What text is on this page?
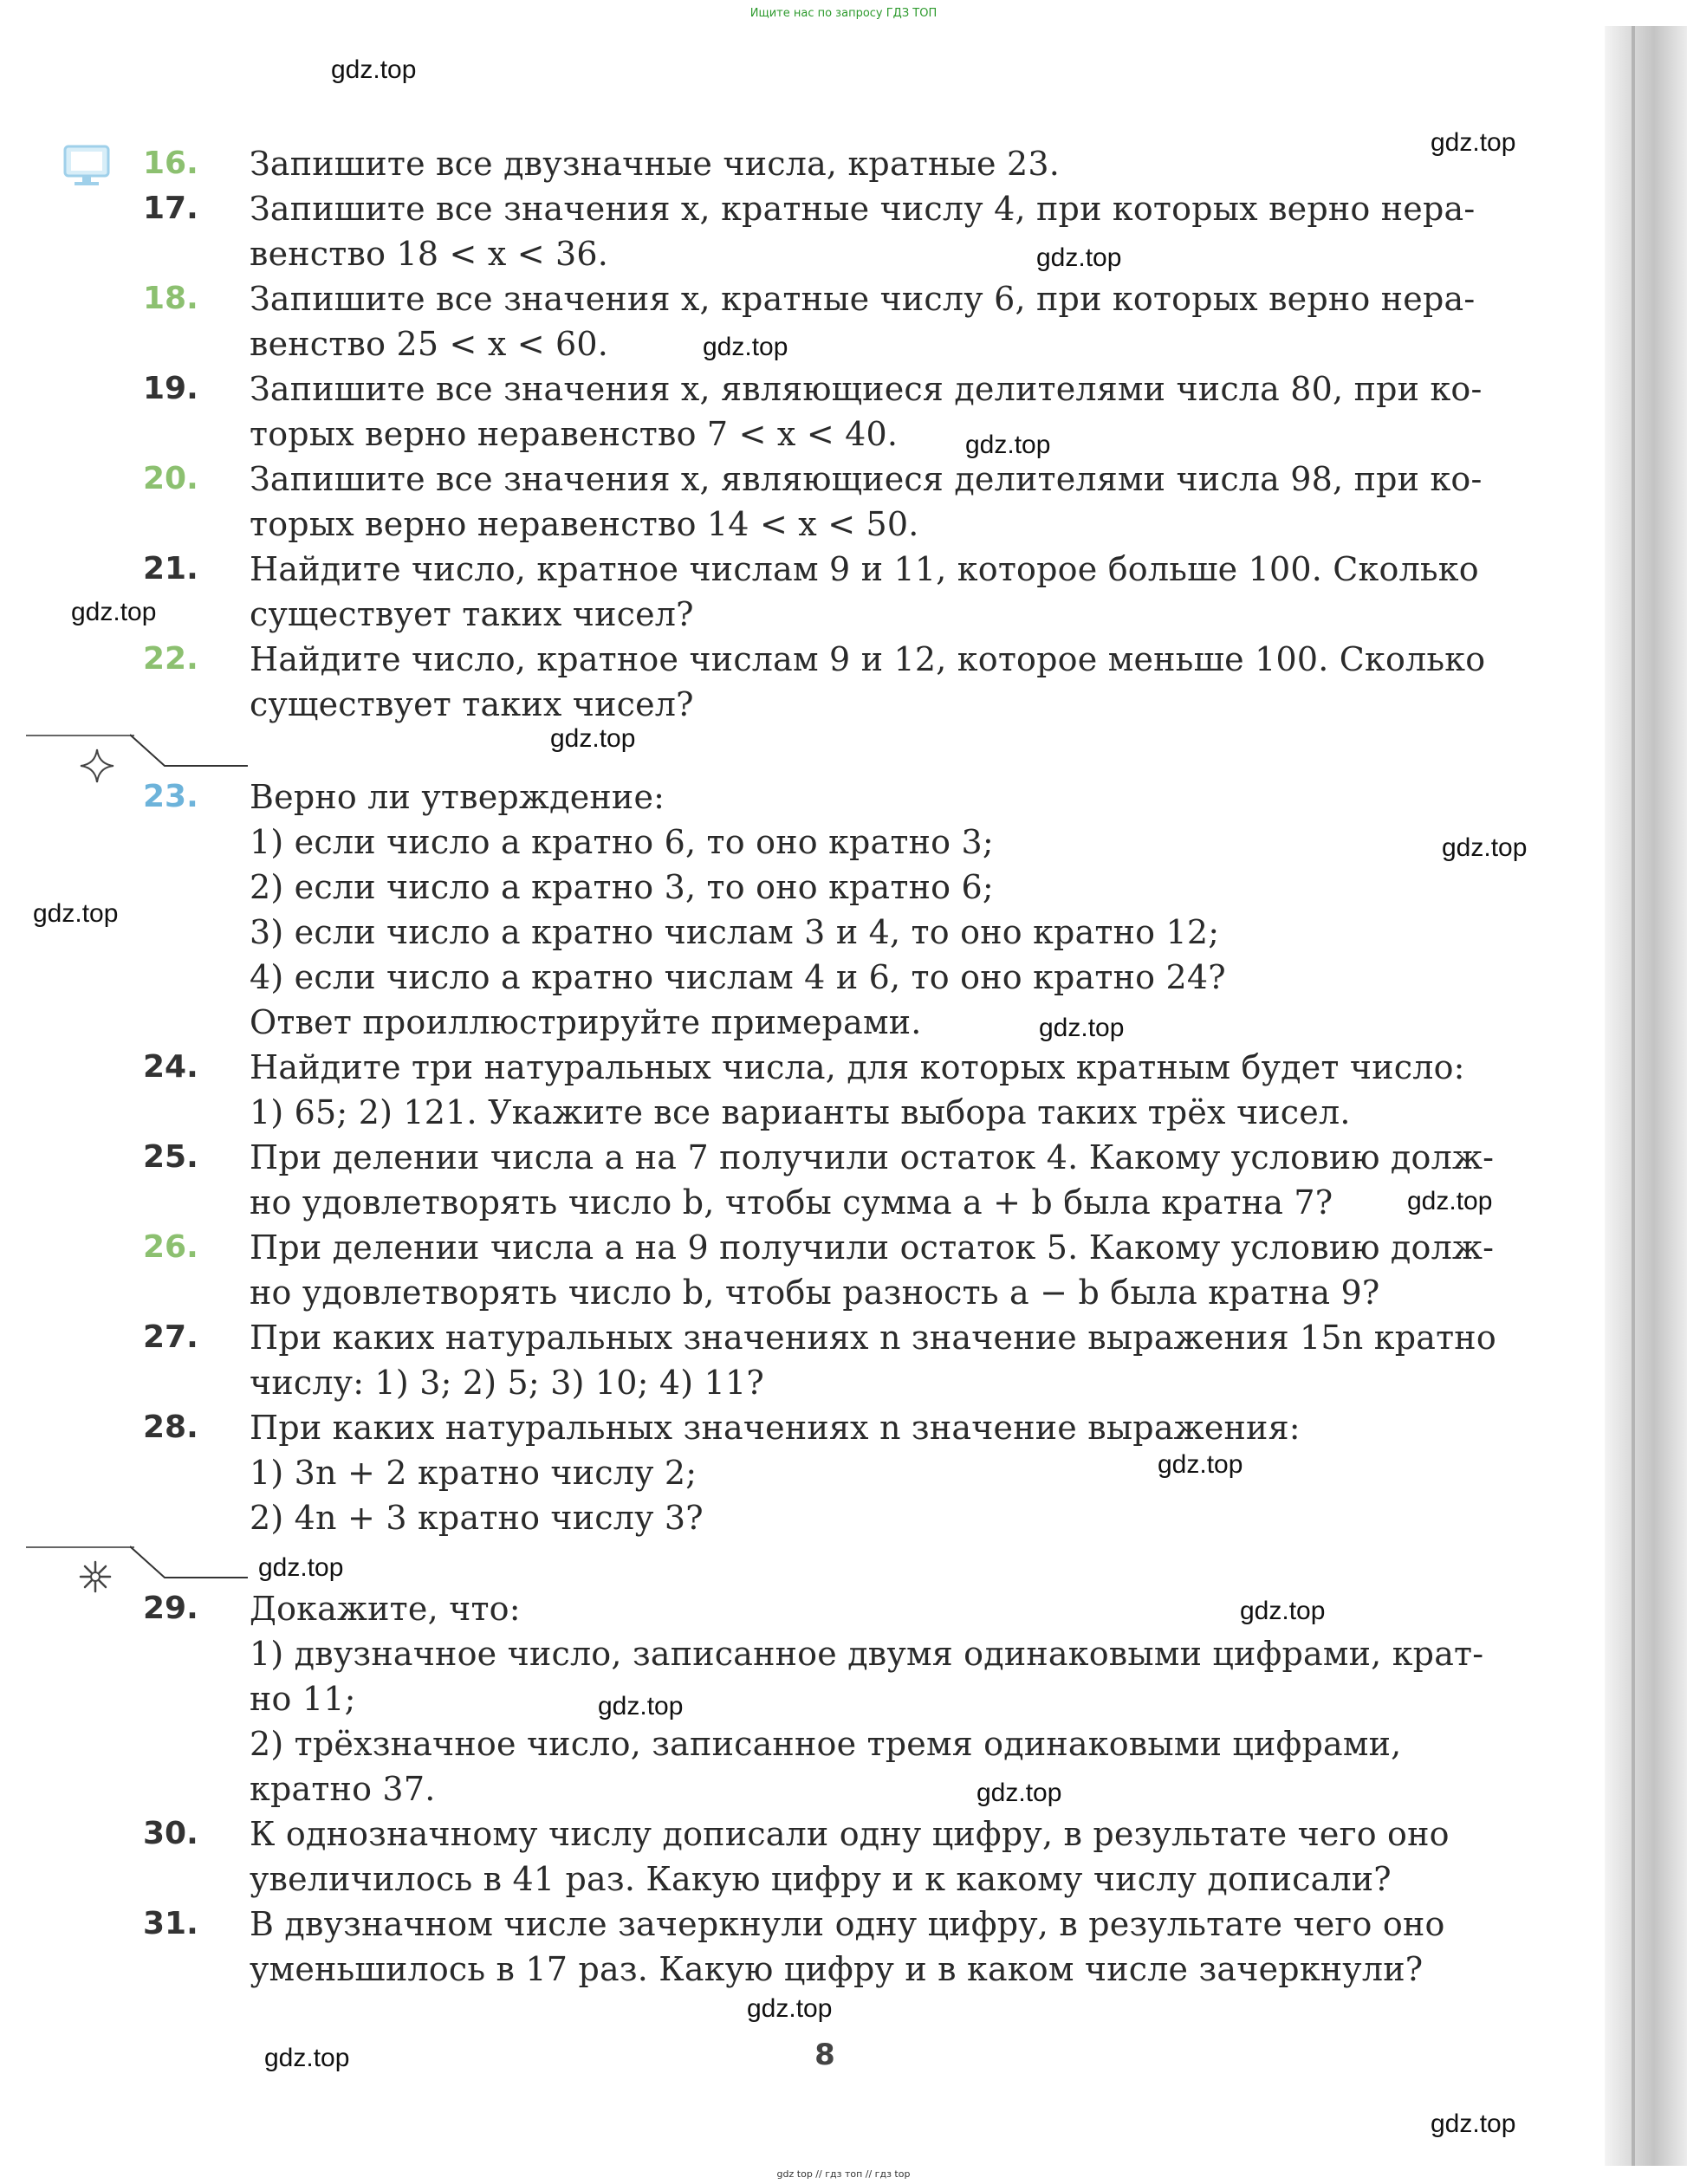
Ищите нас по запросу ГДЗ ТОП
16.	Запишите все двузначные числа, кратные 23.
17.	Запишите все значения x, кратные числу 4, при которых верно нера-
венство 18 < x < 36.
18.	Запишите все значения x, кратные числу 6, при которых верно нера-
венство 25 < x < 60.
19.	Запишите все значения x, являющиеся делителями числа 80, при ко-
торых верно неравенство 7 < x < 40.
20.	Запишите все значения x, являющиеся делителями числа 98, при ко-
торых верно неравенство 14 < x < 50.
21.	Найдите число, кратное числам 9 и 11, которое больше 100. Сколько
существует таких чисел?
22.	Найдите число, кратное числам 9 и 12, которое меньше 100. Сколько
существует таких чисел?
23.	Верно ли утверждение:
1) если число a кратно 6, то оно кратно 3;
2) если число a кратно 3, то оно кратно 6;
3) если число a кратно числам 3 и 4, то оно кратно 12;
4) если число a кратно числам 4 и 6, то оно кратно 24?
Ответ проиллюстрируйте примерами.
24.	Найдите три натуральных числа, для которых кратным будет число:
1) 65; 2) 121. Укажите все варианты выбора таких трёх чисел.
25.	При делении числа a на 7 получили остаток 4. Какому условию долж-
но удовлетворять число b, чтобы сумма a + b была кратна 7?
26.	При делении числа a на 9 получили остаток 5. Какому условию долж-
но удовлетворять число b, чтобы разность a − b была кратна 9?
27.	При каких натуральных значениях n значение выражения 15n кратно
числу: 1) 3; 2) 5; 3) 10; 4) 11?
28.	При каких натуральных значениях n значение выражения:
1) 3n + 2 кратно числу 2;
2) 4n + 3 кратно числу 3?
29.	Докажите, что:
1) двузначное число, записанное двумя одинаковыми цифрами, крат-
но 11;
2) трёхзначное число, записанное тремя одинаковыми цифрами,
кратно 37.
30.	К однозначному числу дописали одну цифру, в результате чего оно
увеличилось в 41 раз. Какую цифру и к какому числу дописали?
31.	В двузначном числе зачеркнули одну цифру, в результате чего оно
уменьшилось в 17 раз. Какую цифру и в каком числе зачеркнули?
8
gdz.top
gdz.top
gdz.top
gdz.top
gdz.top
gdz.top
gdz.top
gdz.top
gdz.top
gdz.top
gdz.top
gdz.top
gdz.top
gdz.top
gdz.top
gdz.top
gdz.top
gdz.top
gdz.top
gdz top // гдз топ // гдз top
